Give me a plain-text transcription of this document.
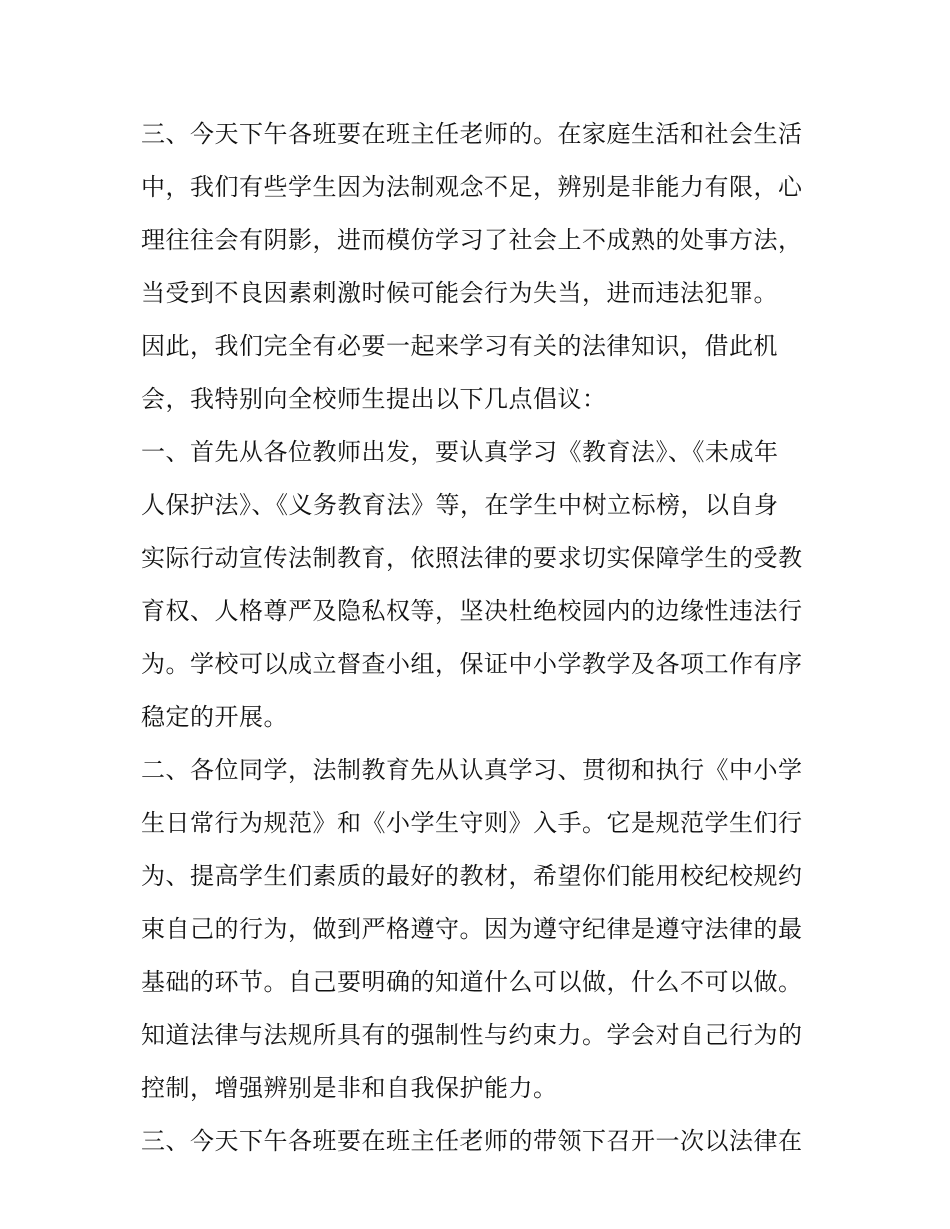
三、今天下午各班要在班主任老师的。在家庭生活和社会生活
中，我们有些学生因为法制观念不足，辨别是非能力有限，心
理往往会有阴影，进而模仿学习了社会上不成熟的处事方法，
当受到不良因素刺激时候可能会行为失当，进而违法犯罪。
因此，我们完全有必要一起来学习有关的法律知识，借此机
会，我特别向全校师生提出以下几点倡议：
一、首先从各位教师出发，要认真学习《教育法》、《未成年
人保护法》、《义务教育法》等，在学生中树立标榜，以自身
实际行动宣传法制教育，依照法律的要求切实保障学生的受教
育权、人格尊严及隐私权等，坚决杜绝校园内的边缘性违法行
为。学校可以成立督查小组，保证中小学教学及各项工作有序
稳定的开展。
二、各位同学，法制教育先从认真学习、贯彻和执行《中小学
生日常行为规范》和《小学生守则》入手。它是规范学生们行
为、提高学生们素质的最好的教材，希望你们能用校纪校规约
束自己的行为，做到严格遵守。因为遵守纪律是遵守法律的最
基础的环节。自己要明确的知道什么可以做，什么不可以做。
知道法律与法规所具有的强制性与约束力。学会对自己行为的
控制，增强辨别是非和自我保护能力。
三、今天下午各班要在班主任老师的带领下召开一次以法律在
